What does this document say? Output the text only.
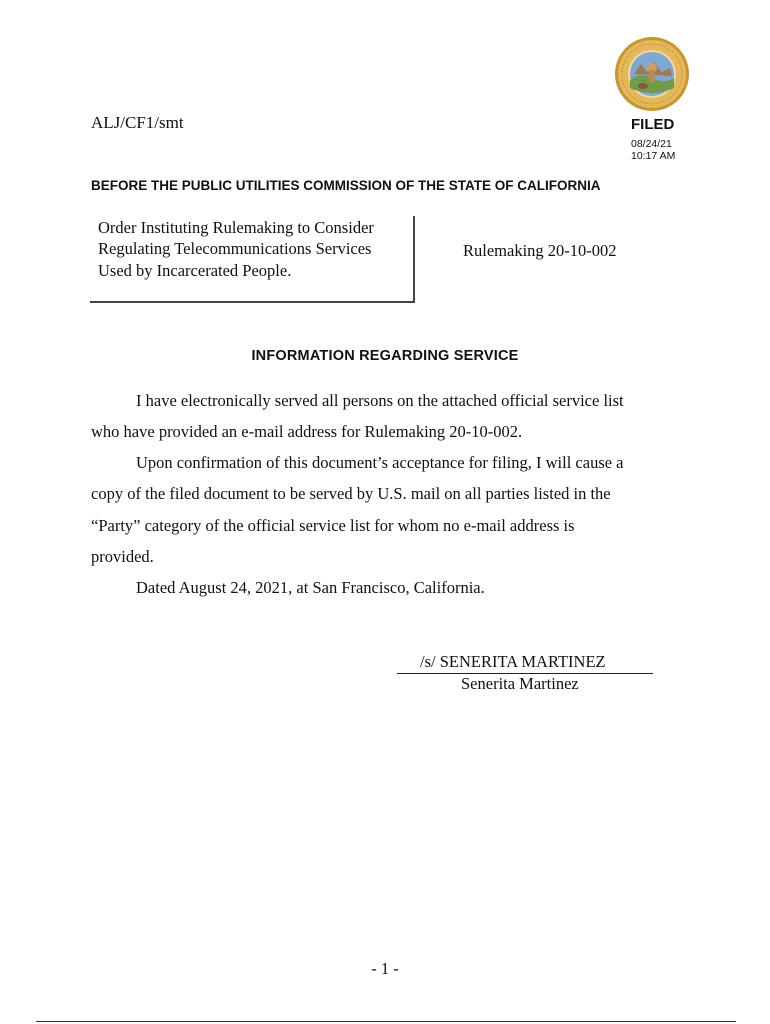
ALJ/CF1/smt	FILED
08/24/21
10:17 AM
BEFORE THE PUBLIC UTILITIES COMMISSION OF THE STATE OF CALIFORNIA
Order Instituting Rulemaking to Consider
Regulating Telecommunications Services
Used by Incarcerated People.
Rulemaking 20-10-002
INFORMATION REGARDING SERVICE
I have electronically served all persons on the attached official service list
who have provided an e-mail address for Rulemaking 20-10-002.
Upon confirmation of this document’s acceptance for filing, I will cause a
copy of the filed document to be served by U.S. mail on all parties listed in the
“Party” category of the official service list for whom no e-mail address is
provided.
Dated August 24, 2021, at San Francisco, California.
/s/ SENERITA MARTINEZ
Senerita Martinez
- 1 -
